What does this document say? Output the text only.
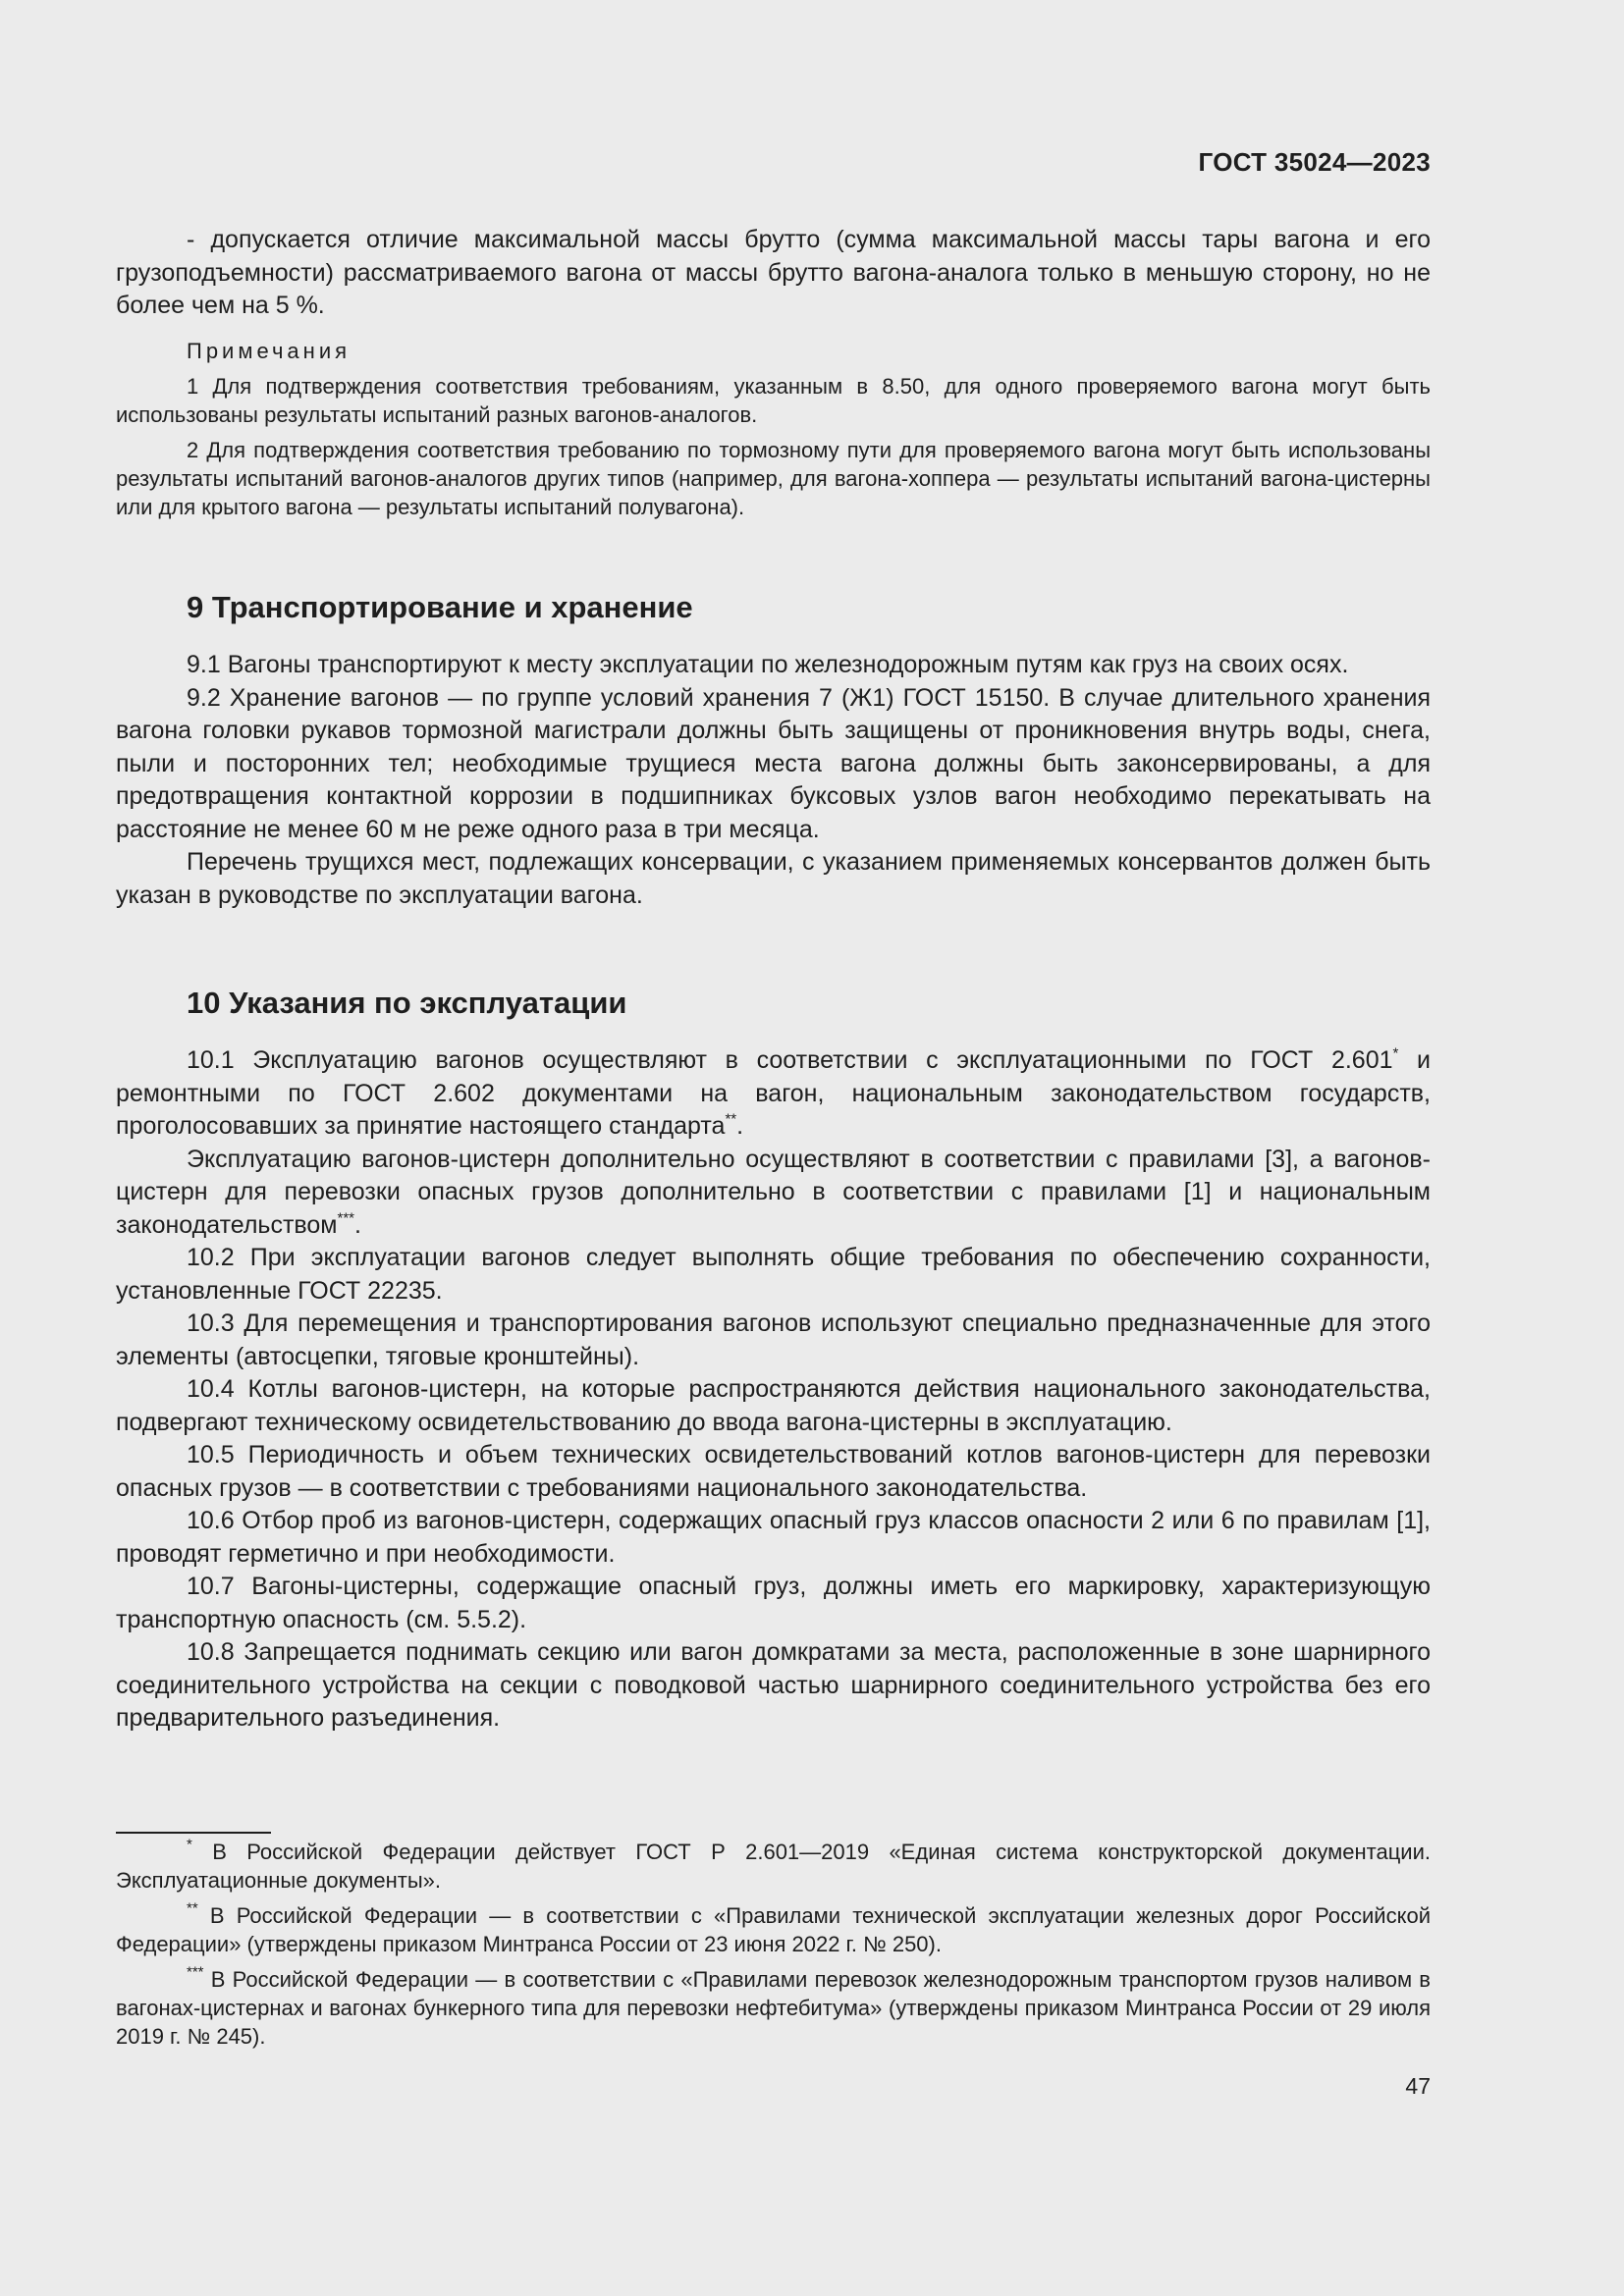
ГОСТ 35024—2023

- допускается отличие максимальной массы брутто (сумма максимальной массы тары вагона и его грузоподъемности) рассматриваемого вагона от массы брутто вагона-аналога только в меньшую сторону, но не более чем на 5 %.

Примечания

1 Для подтверждения соответствия требованиям, указанным в 8.50, для одного проверяемого вагона могут быть использованы результаты испытаний разных вагонов-аналогов.

2 Для подтверждения соответствия требованию по тормозному пути для проверяемого вагона могут быть использованы результаты испытаний вагонов-аналогов других типов (например, для вагона-хоппера — результаты испытаний вагона-цистерны или для крытого вагона — результаты испытаний полувагона).

9 Транспортирование и хранение

9.1 Вагоны транспортируют к месту эксплуатации по железнодорожным путям как груз на своих осях.

9.2 Хранение вагонов — по группе условий хранения 7 (Ж1) ГОСТ 15150. В случае длительного хранения вагона головки рукавов тормозной магистрали должны быть защищены от проникновения внутрь воды, снега, пыли и посторонних тел; необходимые трущиеся места вагона должны быть законсервированы, а для предотвращения контактной коррозии в подшипниках буксовых узлов вагон необходимо перекатывать на расстояние не менее 60 м не реже одного раза в три месяца.

Перечень трущихся мест, подлежащих консервации, с указанием применяемых консервантов должен быть указан в руководстве по эксплуатации вагона.

10 Указания по эксплуатации

10.1 Эксплуатацию вагонов осуществляют в соответствии с эксплуатационными по ГОСТ 2.601* и ремонтными по ГОСТ 2.602 документами на вагон, национальным законодательством государств, проголосовавших за принятие настоящего стандарта**.

Эксплуатацию вагонов-цистерн дополнительно осуществляют в соответствии с правилами [3], а вагонов-цистерн для перевозки опасных грузов дополнительно в соответствии с правилами [1] и национальным законодательством***.

10.2 При эксплуатации вагонов следует выполнять общие требования по обеспечению сохранности, установленные ГОСТ 22235.

10.3 Для перемещения и транспортирования вагонов используют специально предназначенные для этого элементы (автосцепки, тяговые кронштейны).

10.4 Котлы вагонов-цистерн, на которые распространяются действия национального законодательства, подвергают техническому освидетельствованию до ввода вагона-цистерны в эксплуатацию.

10.5 Периодичность и объем технических освидетельствований котлов вагонов-цистерн для перевозки опасных грузов — в соответствии с требованиями национального законодательства.

10.6 Отбор проб из вагонов-цистерн, содержащих опасный груз классов опасности 2 или 6 по правилам [1], проводят герметично и при необходимости.

10.7 Вагоны-цистерны, содержащие опасный груз, должны иметь его маркировку, характеризующую транспортную опасность (см. 5.5.2).

10.8 Запрещается поднимать секцию или вагон домкратами за места, расположенные в зоне шарнирного соединительного устройства на секции с поводковой частью шарнирного соединительного устройства без его предварительного разъединения.

* В Российской Федерации действует ГОСТ Р 2.601—2019 «Единая система конструкторской документации. Эксплуатационные документы».

** В Российской Федерации — в соответствии с «Правилами технической эксплуатации железных дорог Российской Федерации» (утверждены приказом Минтранса России от 23 июня 2022 г. № 250).

*** В Российской Федерации — в соответствии с «Правилами перевозок железнодорожным транспортом грузов наливом в вагонах-цистернах и вагонах бункерного типа для перевозки нефтебитума» (утверждены приказом Минтранса России от 29 июля 2019 г. № 245).

47
